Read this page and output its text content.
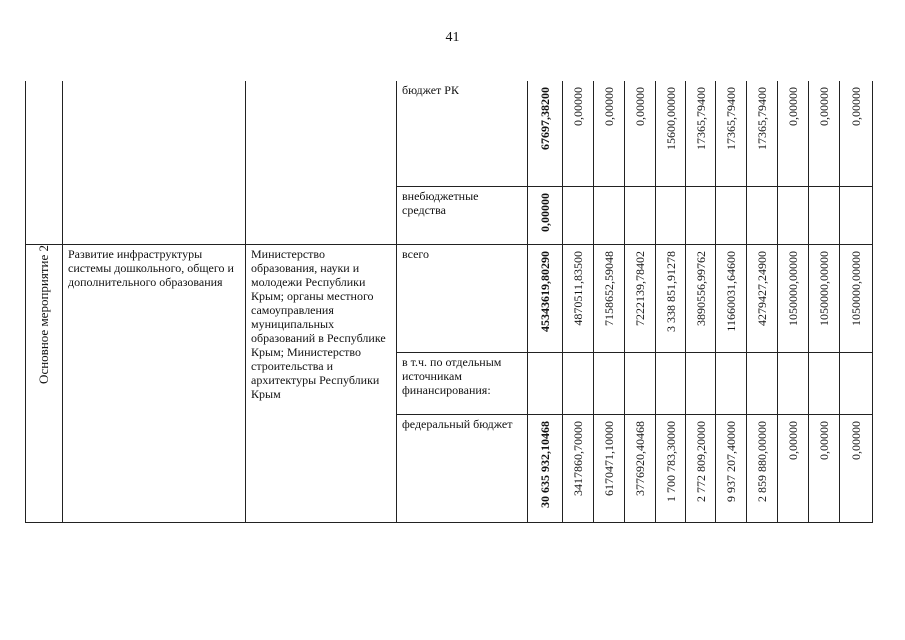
41

			бюджет РК	67697,38200	0,00000	0,00000	0,00000	15600,00000	17365,79400	17365,79400	17365,79400	0,00000	0,00000	0,00000

			внебюджетные средства	0,00000										

Основное мероприятие 2	Развитие инфраструктуры системы дошкольного, общего и дополнительного образования	Министерство образования, науки и молодежи Республики Крым; органы местного самоуправления муниципальных образований в Республике Крым; Министерство строительства и архитектуры Республики Крым	всего	45343619,80290	4870511,83500	7158652,59048	7222139,78402	3 338 851,91278	3890556,99762	11660031,64600	4279427,24900	1050000,00000	1050000,00000	1050000,00000

			в т.ч. по отдельным источникам финансирования:											

			федеральный бюджет	30 635 932,10468	3417860,70000	6170471,10000	3776920,40468	1 700 783,30000	2 772 809,20000	9 937 207,40000	2 859 880,00000	0,00000	0,00000	0,00000
